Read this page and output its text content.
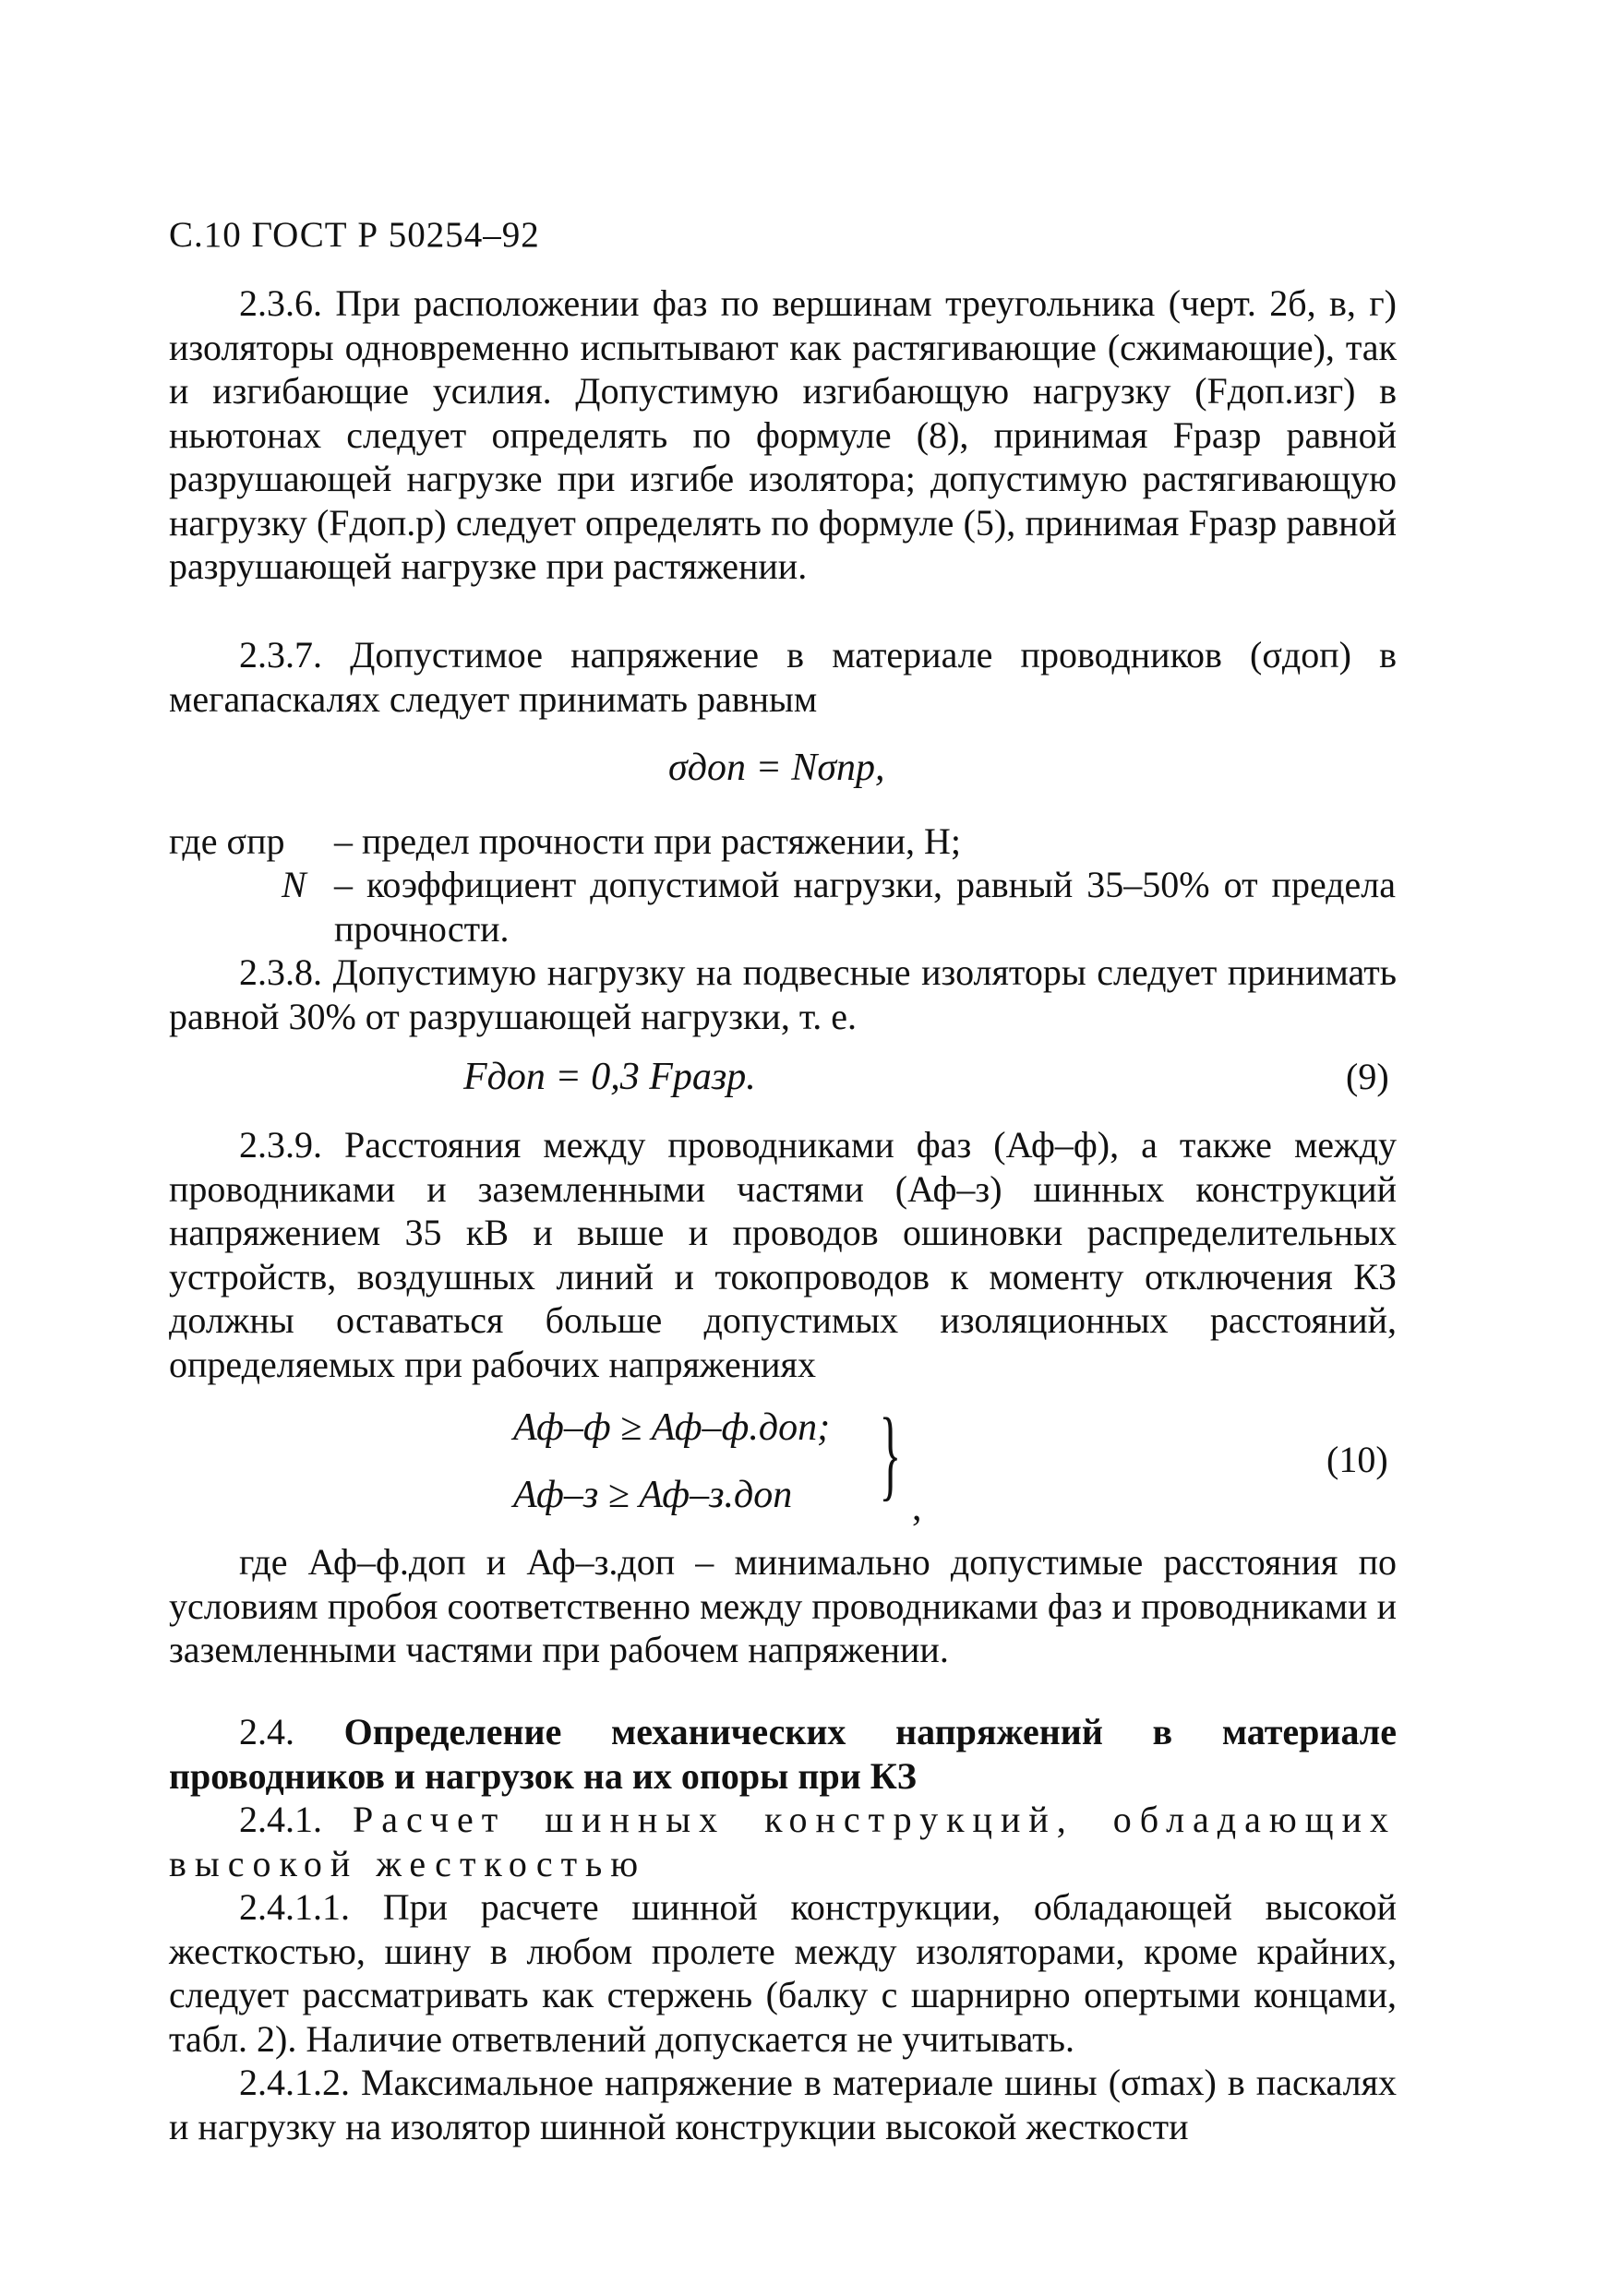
С.10 ГОСТ Р 50254–92
2.3.6. При расположении фаз по вершинам треугольника (черт. 2б, в, г) изоляторы одновременно испытывают как растягивающие (сжимающие), так и изгибающие усилия. Допустимую изгибающую нагрузку (Fдоп.изг) в ньютонах следует определять по формуле (8), принимая Fразр равной разрушающей нагрузке при изгибе изолятора; допустимую растягивающую нагрузку (Fдоп.р) следует определять по формуле (5), принимая Fразр равной разрушающей нагрузке при растяжении.
2.3.7. Допустимое напряжение в материале проводников (σдоп) в мегапаскалях следует принимать равным
σдоп = Nσпр,
где σпр – предел прочности при растяжении, Н;
N – коэффициент допустимой нагрузки, равный 35–50% от предела прочности.
2.3.8. Допустимую нагрузку на подвесные изоляторы следует принимать равной 30% от разрушающей нагрузки, т. е.
Fдоп = 0,3 Fразр.	(9)
2.3.9. Расстояния между проводниками фаз (Аф–ф), а также между проводниками и заземленными частями (Аф–з) шинных конструкций напряжением 35 кВ и выше и проводов ошиновки распределительных устройств, воздушных линий и токопроводов к моменту отключения КЗ должны оставаться больше допустимых изоляционных расстояний, определяемых при рабочих напряжениях
Аф–ф ≥ Аф–ф.доп;
Аф–з ≥ Аф–з.доп } ,
(10)
где Аф–ф.доп и Аф–з.доп – минимально допустимые расстояния по условиям пробоя соответственно между проводниками фаз и проводниками и заземленными частями при рабочем напряжении.
2.4. Определение механических напряжений в материале проводников и нагрузок на их опоры при КЗ
2.4.1. Расчет шинных конструкций, обладающих высокой жесткостью
2.4.1.1. При расчете шинной конструкции, обладающей высокой жесткостью, шину в любом пролете между изоляторами, кроме крайних, следует рассматривать как стержень (балку с шарнирно опертыми концами, табл. 2). Наличие ответвлений допускается не учитывать.
2.4.1.2. Максимальное напряжение в материале шины (σmax) в паскалях и нагрузку на изолятор шинной конструкции высокой жесткости
